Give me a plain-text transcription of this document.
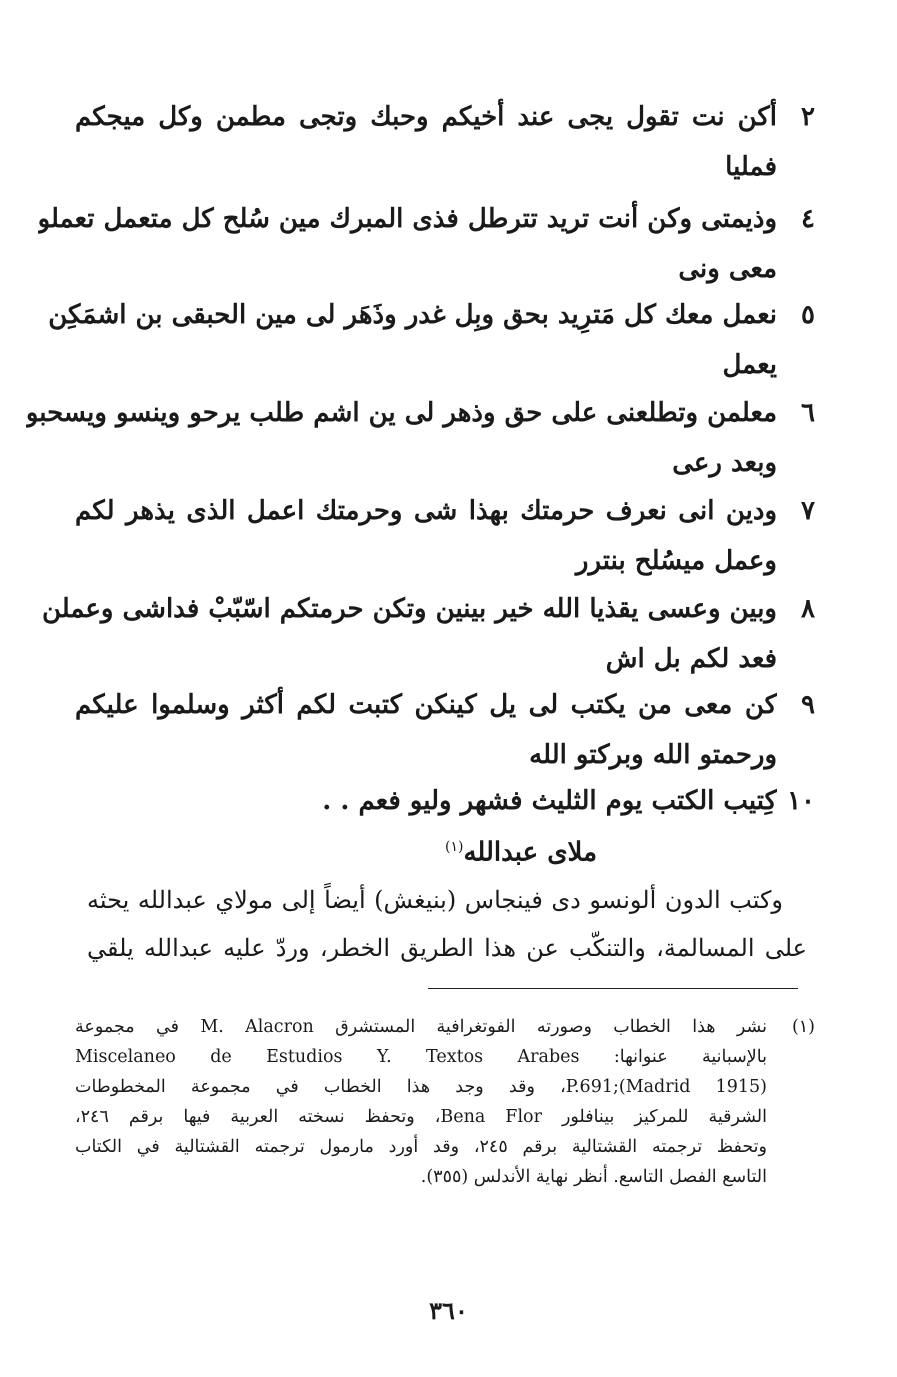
٢
أكن نت تقول يجى عند أخيكم وحبك وتجى مطمن وكل ميجكم
فمليا
٤
وذيمتى وكن أنت تريد تترطل فذى المبرك مين سُلح كل متعمل تعملو
معى ونى
٥
نعمل معك كل مَترِيد بحق وبِل غدر وذَهَر لى مين الحبقى بن اشمَكِن
يعمل
٦
معلمن وتطلعنى على حق وذهر لى ين اشم طلب يرحو وينسو ويسحبو
وبعد رعى
٧
ودين انى نعرف حرمتك بهذا شى وحرمتك اعمل الذى يذهر لكم
وعمل ميسُلح بنترر
٨
وبين وعسى يقذيا الله خير بينين وتكن حرمتكم اسّبّبْ فداشى وعملن
فعد لكم بل اش
٩
كن معى من يكتب لى يل كينكن كتبت لكم أكثر وسلموا عليكم
ورحمتو الله وبركتو الله
١٠
كِتيب الكتب يوم الثليث فشهر وليو فعم . .
ملاى عبدالله$^{(١)}$
وكتب الدون ألونسو دى فينجاس (بنيغش) أيضاً إلى مولاي عبدالله يحثه
على المسالمة، والتنكّب عن هذا الطريق الخطر، وردّ عليه عبدالله يلقي
(١)
نشر هذا الخطاب وصورته الفوتغرافية المستشرق M. Alacron في مجموعة
بالإسبانية عنوانها: Miscelaneo de Estudios Y. Textos Arabes
(Madrid 1915);P.691، وقد وجد هذا الخطاب في مجموعة المخطوطات
الشرقية للمركيز بينافلور Bena Flor، وتحفظ نسخته العربية فيها برقم ٢٤٦،
وتحفظ ترجمته القشتالية برقم ٢٤٥، وقد أورد مارمول ترجمته القشتالية في الكتاب
التاسع الفصل التاسع. أنظر نهاية الأندلس (٣٥٥).
٣٦٠
